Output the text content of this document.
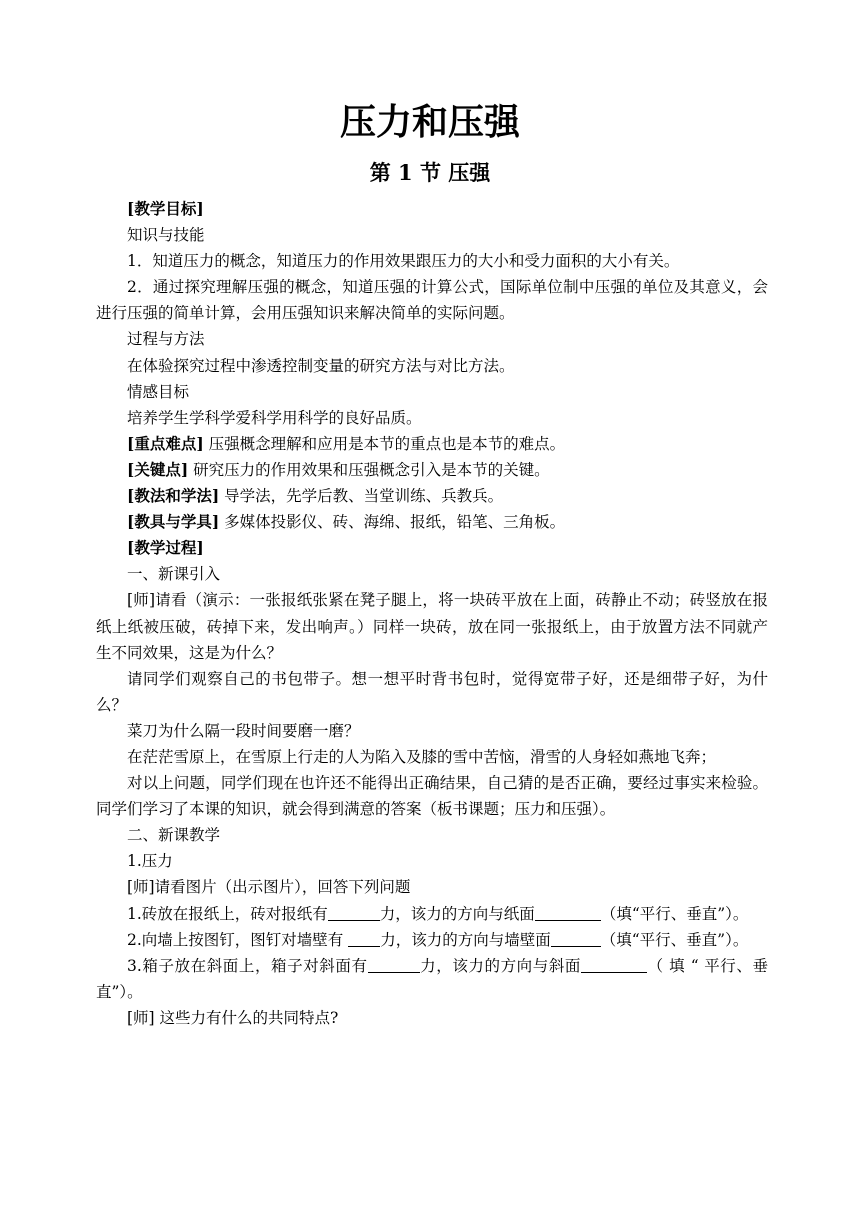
压力和压强
第 1 节 压强

[教学目标]

知识与技能

1．知道压力的概念，知道压力的作用效果跟压力的大小和受力面积的大小有关。

2．通过探究理解压强的概念，知道压强的计算公式，国际单位制中压强的单位及其意义，会进行压强的简单计算，会用压强知识来解决简单的实际问题。

过程与方法

在体验探究过程中渗透控制变量的研究方法与对比方法。

情感目标

培养学生学科学爱科学用科学的良好品质。

[重点难点] 压强概念理解和应用是本节的重点也是本节的难点。

[关键点] 研究压力的作用效果和压强概念引入是本节的关键。

[教法和学法] 导学法，先学后教、当堂训练、兵教兵。

[教具与学具] 多媒体投影仪、砖、海绵、报纸，铅笔、三角板。

[教学过程]

一、新课引入

[师]请看（演示：一张报纸张紧在凳子腿上，将一块砖平放在上面，砖静止不动；砖竖放在报纸上纸被压破，砖掉下来，发出响声。）同样一块砖，放在同一张报纸上，由于放置方法不同就产生不同效果，这是为什么？

请同学们观察自己的书包带子。想一想平时背书包时，觉得宽带子好，还是细带子好，为什么？

菜刀为什么隔一段时间要磨一磨？

在茫茫雪原上，在雪原上行走的人为陷入及膝的雪中苦恼，滑雪的人身轻如燕地飞奔；

对以上问题，同学们现在也许还不能得出正确结果，自己猜的是否正确，要经过事实来检验。同学们学习了本课的知识，就会得到满意的答案（板书课题；压力和压强）。

二、新课教学

1.压力

[师]请看图片（出示图片），回答下列问题

1.砖放在报纸上，砖对报纸有	力，该力的方向与纸面	（填“平行、垂直”）。

2.向墙上按图钉，图钉对墙壁有 力，该力的方向与墙壁面	（填“平行、垂直”）。

3.箱子放在斜面上，箱子对斜面有	力，该力的方向与斜面	（ 填 “ 平行、垂直”）。

[师] 这些力有什么的共同特点?
